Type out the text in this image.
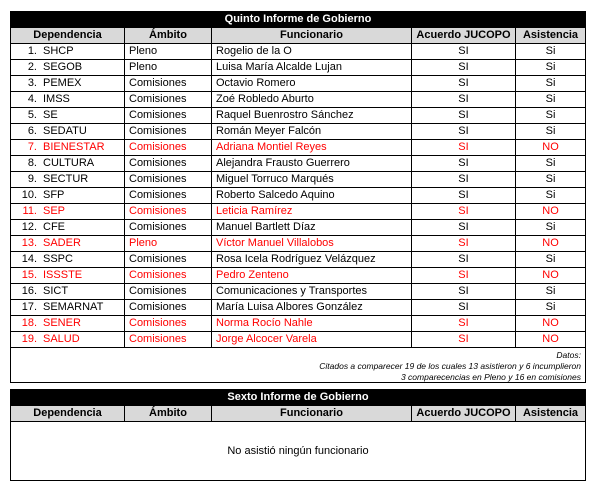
Quinto Informe de Gobierno
Dependencia	Ámbito	Funcionario	Acuerdo JUCOPO	Asistencia
1. SHCP	Pleno	Rogelio de la O	SI	Si
2. SEGOB	Pleno	Luisa María Alcalde Lujan	SI	Si
3. PEMEX	Comisiones	Octavio Romero	SI	Si
4. IMSS	Comisiones	Zoé Robledo Aburto	SI	Si
5. SE	Comisiones	Raquel Buenrostro Sánchez	SI	Si
6. SEDATU	Comisiones	Román Meyer Falcón	SI	Si
7. BIENESTAR	Comisiones	Adriana Montiel Reyes	SI	NO
8. CULTURA	Comisiones	Alejandra Frausto Guerrero	SI	Si
9. SECTUR	Comisiones	Miguel Torruco Marqués	SI	Si
10. SFP	Comisiones	Roberto Salcedo Aquino	SI	Si
11. SEP	Comisiones	Leticia Ramírez	SI	NO
12. CFE	Comisiones	Manuel Bartlett Díaz	SI	Si
13. SADER	Pleno	Víctor Manuel Villalobos	SI	NO
14. SSPC	Comisiones	Rosa Icela Rodríguez Velázquez	SI	Si
15. ISSSTE	Comisiones	Pedro Zenteno	SI	NO
16. SICT	Comisiones	Comunicaciones y Transportes	SI	Si
17. SEMARNAT	Comisiones	María Luisa Albores González	SI	Si
18. SENER	Comisiones	Norma Rocío Nahle	SI	NO
19. SALUD	Comisiones	Jorge Alcocer Varela	SI	NO
Datos:
Citados a comparecer 19 de los cuales 13 asistieron y 6 incumplieron
3 comparecencias en Pleno y 16 en comisiones
Sexto Informe de Gobierno
Dependencia	Ámbito	Funcionario	Acuerdo JUCOPO	Asistencia
No asistió ningún funcionario
